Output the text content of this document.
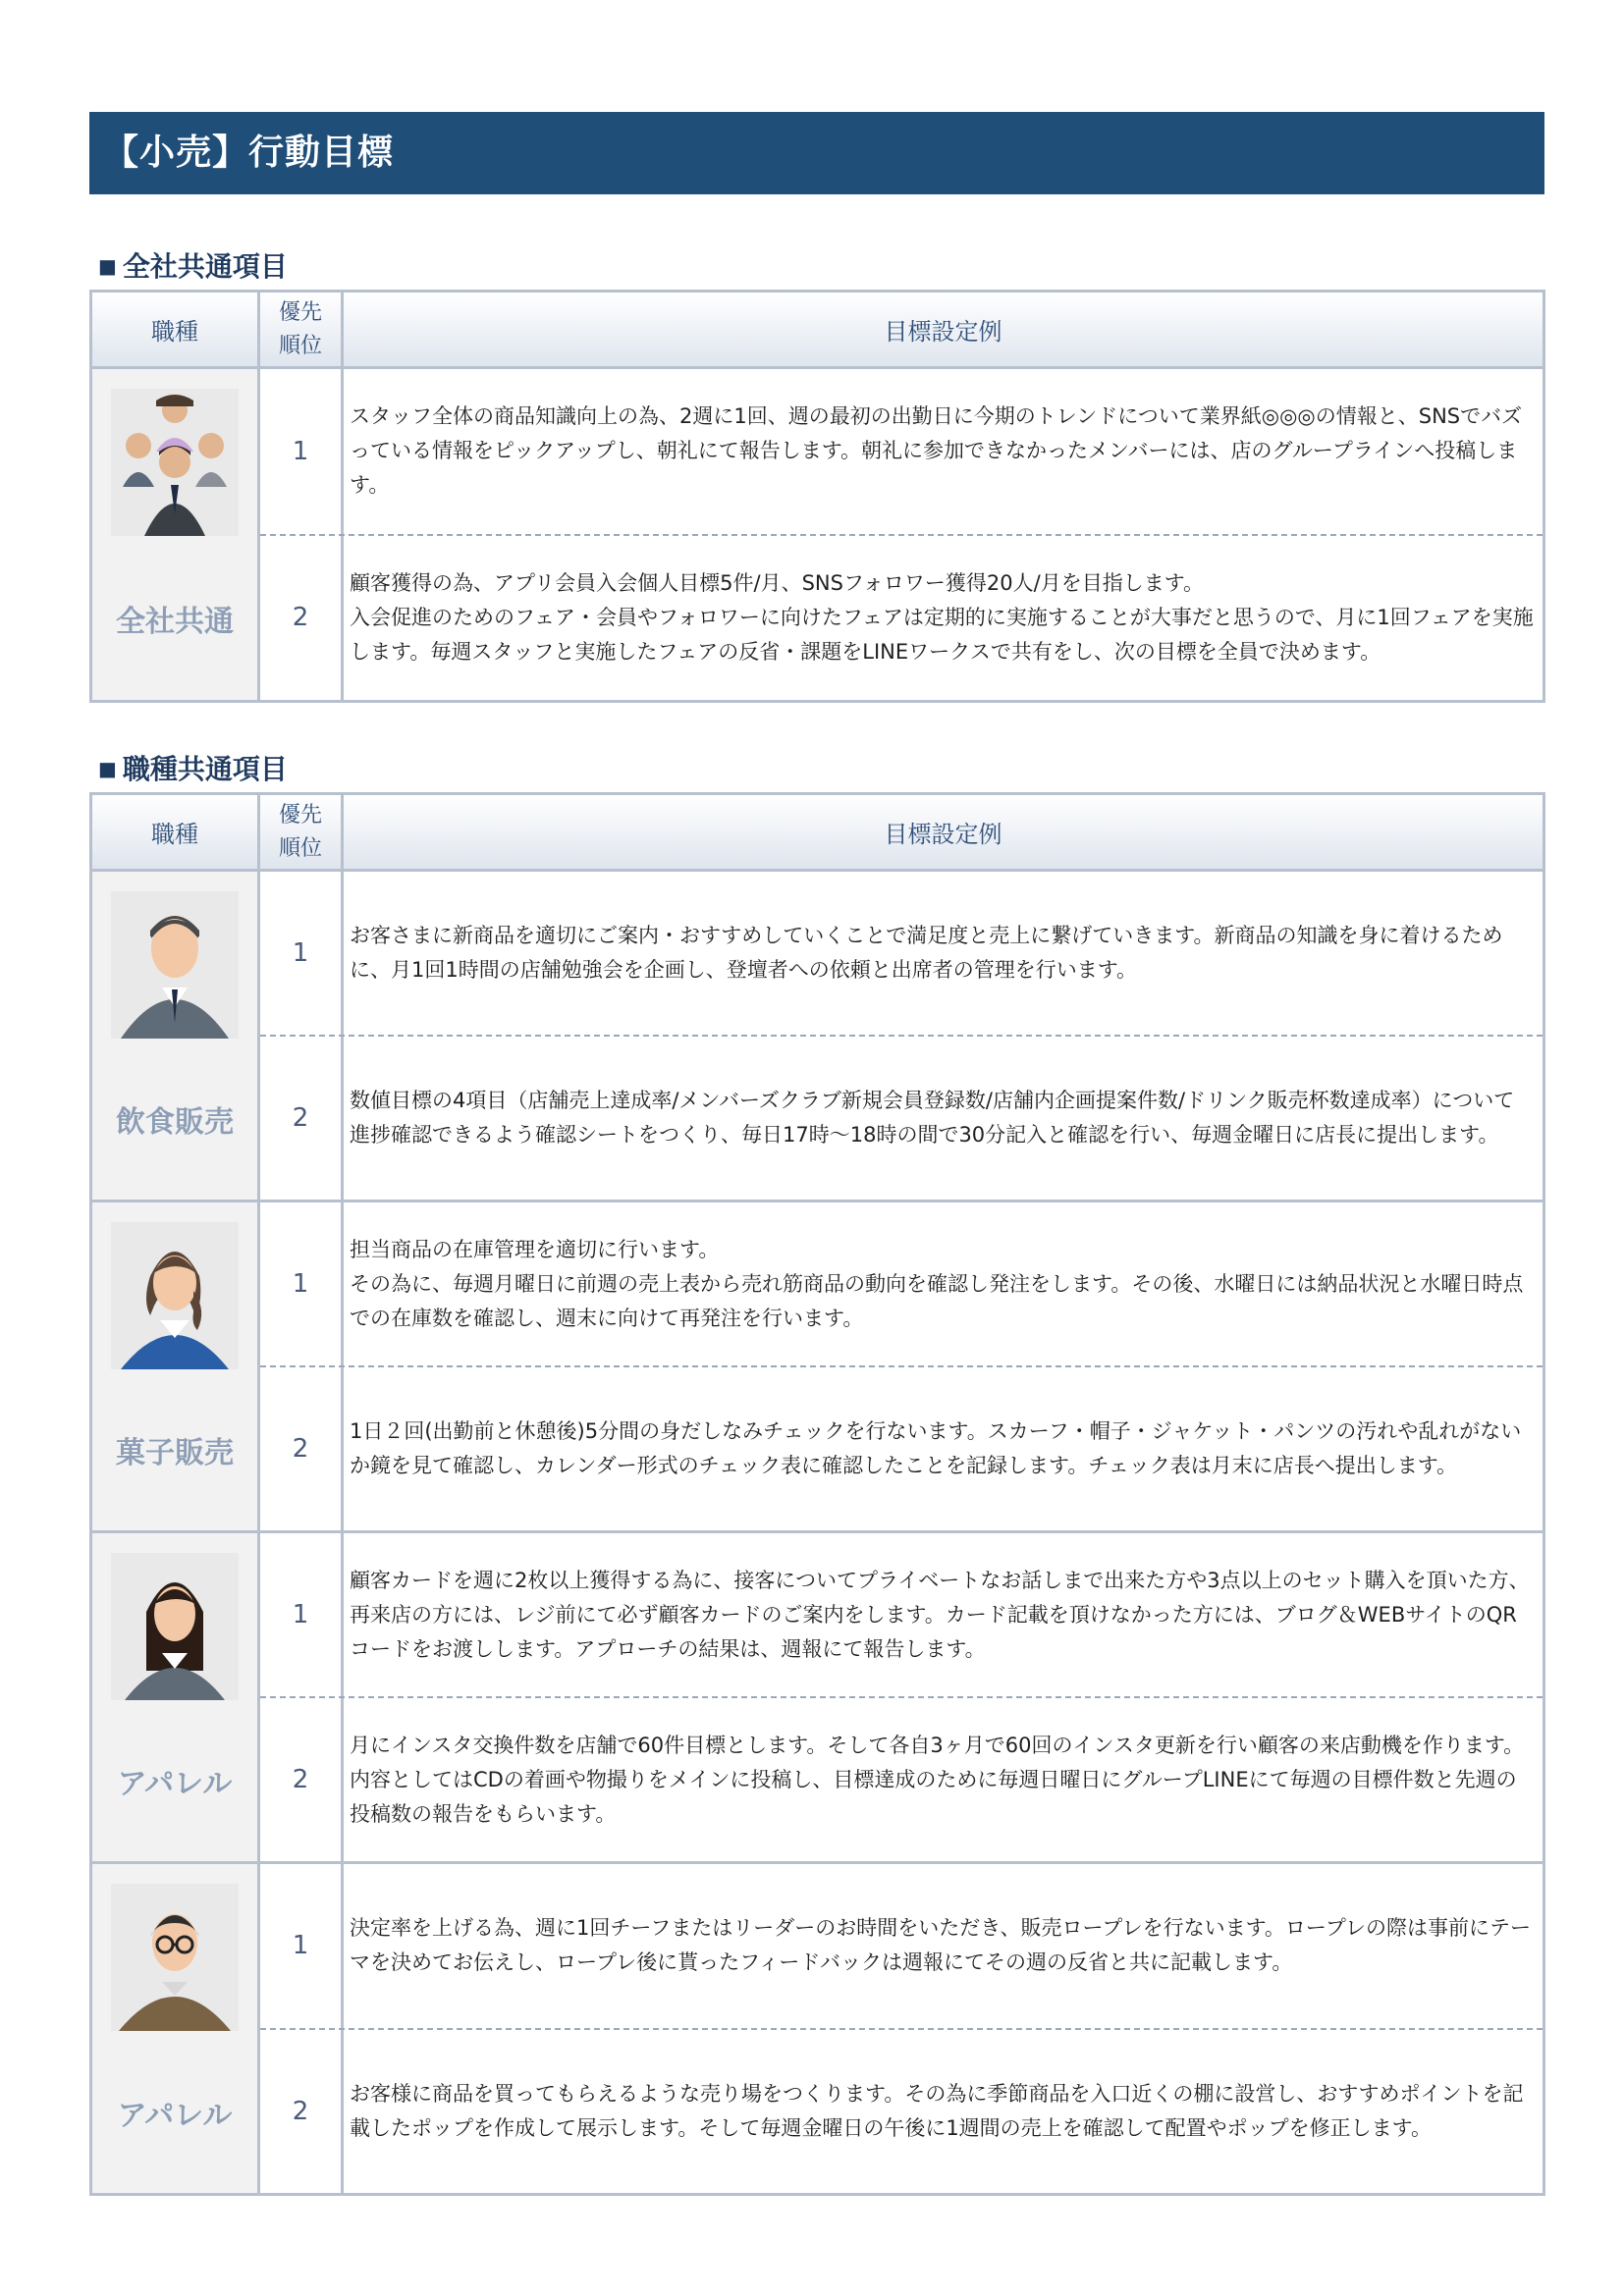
【小売】行動目標
■ 全社共通項目
職種
優先
順位	目標設定例
全社共通
1
スタッフ全体の商品知識向上の為、2週に1回、週の最初の出勤日に今期のトレンドについて業界紙◎◎◎の情報と、SNSでバズっている情報をピックアップし、朝礼にて報告します。朝礼に参加できなかったメンバーには、店のグループラインへ投稿します。
2
顧客獲得の為、アプリ会員入会個人目標5件/月、SNSフォロワー獲得20人/月を目指します。
入会促進のためのフェア・会員やフォロワーに向けたフェアは定期的に実施することが大事だと思うので、月に1回フェアを実施します。毎週スタッフと実施したフェアの反省・課題をLINEワークスで共有をし、次の目標を全員で決めます。
■ 職種共通項目
職種
優先
順位	目標設定例
飲食販売
1
お客さまに新商品を適切にご案内・おすすめしていくことで満足度と売上に繋げていきます。新商品の知識を身に着けるために、月1回1時間の店舗勉強会を企画し、登壇者への依頼と出席者の管理を行います。
2
数値目標の4項目（店舗売上達成率/メンバーズクラブ新規会員登録数/店舗内企画提案件数/ドリンク販売杯数達成率）について進捗確認できるよう確認シートをつくり、毎日17時～18時の間で30分記入と確認を行い、毎週金曜日に店長に提出します。
菓子販売
1
担当商品の在庫管理を適切に行います。
その為に、毎週月曜日に前週の売上表から売れ筋商品の動向を確認し発注をします。その後、水曜日には納品状況と水曜日時点での在庫数を確認し、週末に向けて再発注を行います。
2
1日２回(出勤前と休憩後)5分間の身だしなみチェックを行ないます。スカーフ・帽子・ジャケット・パンツの汚れや乱れがないか鏡を見て確認し、カレンダー形式のチェック表に確認したことを記録します。チェック表は月末に店長へ提出します。
アパレル
1
顧客カードを週に2枚以上獲得する為に、接客についてプライベートなお話しまで出来た方や3点以上のセット購入を頂いた方、再来店の方には、レジ前にて必ず顧客カードのご案内をします。カード記載を頂けなかった方には、ブログ＆WEBサイトのQRコードをお渡しします。アプローチの結果は、週報にて報告します。
2
月にインスタ交換件数を店舗で60件目標とします。そして各自3ヶ月で60回のインスタ更新を行い顧客の来店動機を作ります。内容としてはCDの着画や物撮りをメインに投稿し、目標達成のために毎週日曜日にグループLINEにて毎週の目標件数と先週の投稿数の報告をもらいます。
アパレル
1
決定率を上げる為、週に1回チーフまたはリーダーのお時間をいただき、販売ロープレを行ないます。ロープレの際は事前にテーマを決めてお伝えし、ロープレ後に貰ったフィードバックは週報にてその週の反省と共に記載します。
2
お客様に商品を買ってもらえるような売り場をつくります。その為に季節商品を入口近くの棚に設営し、おすすめポイントを記載したポップを作成して展示します。そして毎週金曜日の午後に1週間の売上を確認して配置やポップを修正します。
